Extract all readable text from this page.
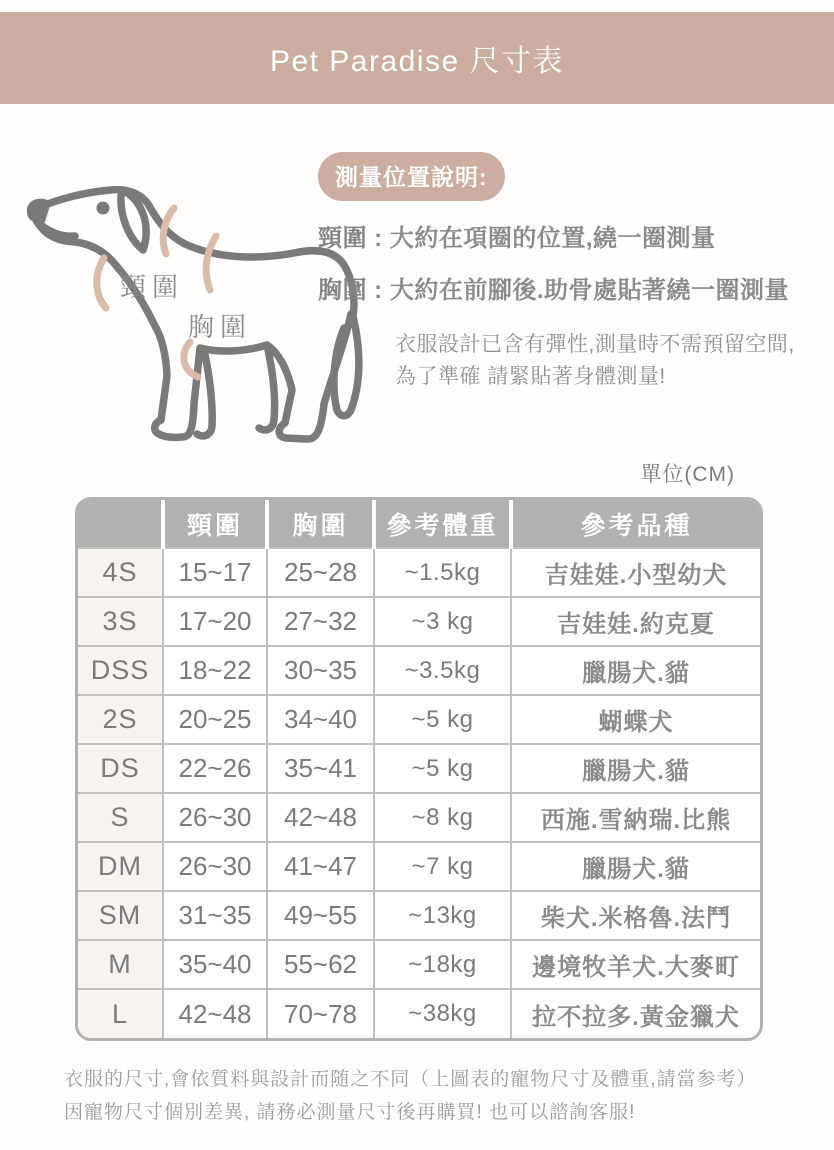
Pet Paradise 尺寸表
頸圍
胸圍
測量位置說明:
頸圍 : 大約在項圈的位置,繞一圈測量
胸圍 : 大約在前腳後.助骨處貼著繞一圈測量
衣服設計已含有彈性,測量時不需預留空間,
為了準確 請緊貼著身體測量!
單位(CM)
	頸圍	胸圍	參考體重	參考品種
4S	15~17	25~28	~1.5kg	吉娃娃.小型幼犬
3S	17~20	27~32	~3 kg	吉娃娃.約克夏
DSS	18~22	30~35	~3.5kg	臘腸犬.貓
2S	20~25	34~40	~5 kg	蝴蝶犬
DS	22~26	35~41	~5 kg	臘腸犬.貓
S	26~30	42~48	~8 kg	西施.雪納瑞.比熊
DM	26~30	41~47	~7 kg	臘腸犬.貓
SM	31~35	49~55	~13kg	柴犬.米格魯.法鬥
M	35~40	55~62	~18kg	邊境牧羊犬.大麥町
L	42~48	70~78	~38kg	拉不拉多.黃金獵犬
衣服的尺寸,會依質料與設計而随之不同（上圖表的寵物尺寸及體重,請當参考）
因寵物尺寸個別差異, 請務必測量尺寸後再購買! 也可以諮詢客服!
